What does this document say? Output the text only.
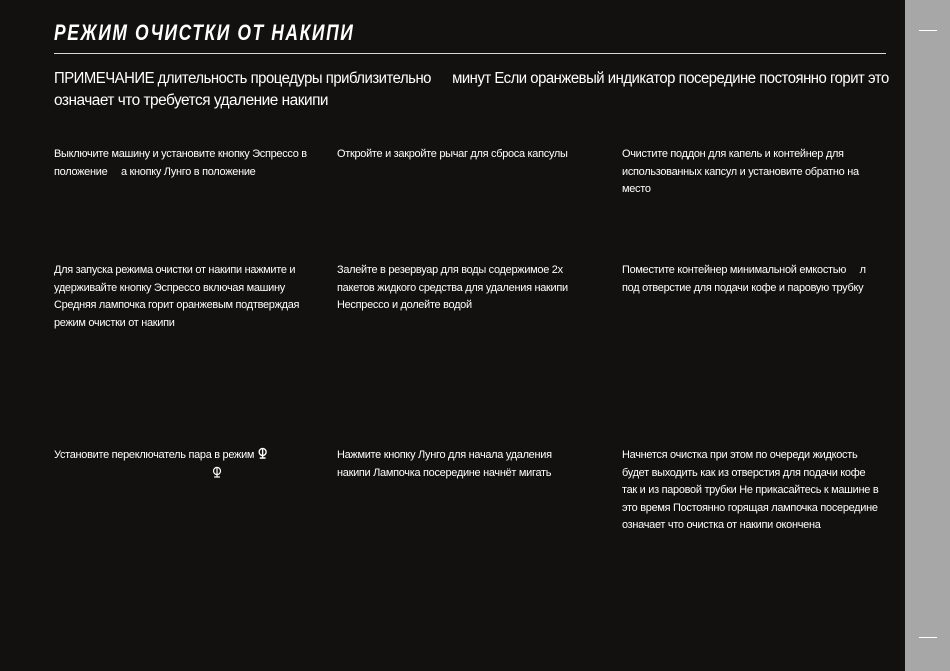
РЕЖИМ ОЧИСТКИ ОТ НАКИПИ

ПРИМЕЧАНИЕ длительность процедуры приблизительно минут Если оранжевый индикатор посередине постоянно горит это

означает что требуется удаление накипи

Выключите машину и установите кнопку Эспрессо в

положение а кнопку Лунго в положение

Откройте и закройте рычаг для сброса капсулы	Очистите поддон для капель и контейнер для

использованных капсул и установите обратно на

место

Для запуска режима очистки от накипи нажмите и

удерживайте кнопку Эспрессо включая машину

Средняя лампочка горит оранжевым подтверждая

режим очистки от накипи

Залейте в резервуар для воды содержимое 2х

пакетов жидкого средства для удаления накипи

Неспрессо и долейте водой

Поместите контейнер минимальной емкостью л

под отверстие для подачи кофе и паровую трубку

Установите переключатель пара в режим	Нажмите кнопку Лунго для начала удаления

накипи Лампочка посередине начнёт мигать

Начнется очистка при этом по очереди жидкость

будет выходить как из отверстия для подачи кофе

так и из паровой трубки Не прикасайтесь к машине в

это время Постоянно горящая лампочка посередине

означает что очистка от накипи окончена
